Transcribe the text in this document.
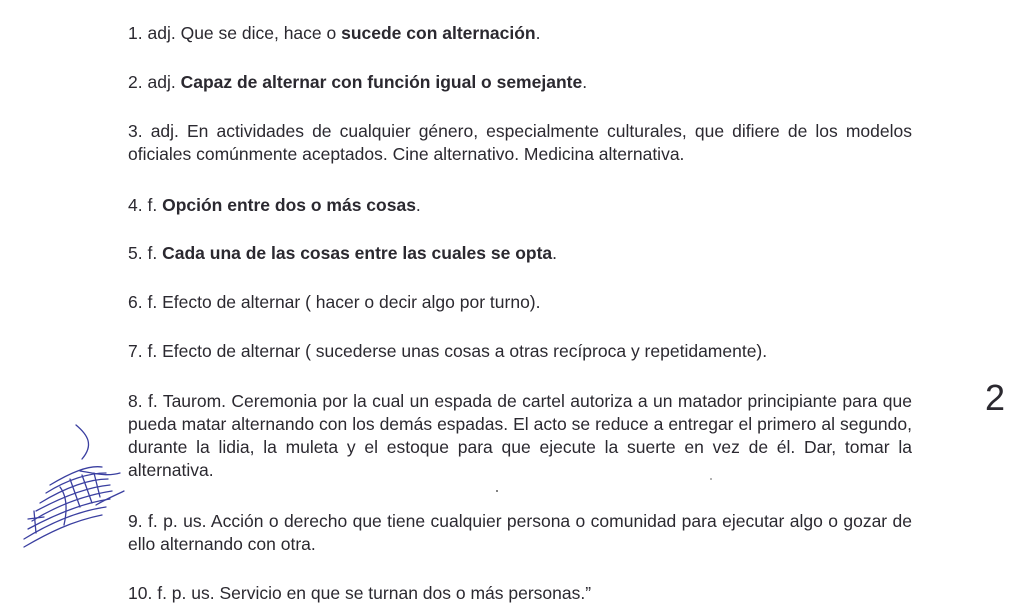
1. adj. Que se dice, hace o sucede con alternación.

2. adj. Capaz de alternar con función igual o semejante.

3. adj. En actividades de cualquier género, especialmente culturales, que difiere de los modelos oficiales comúnmente aceptados. Cine alternativo. Medicina alternativa.

4. f. Opción entre dos o más cosas.

5. f. Cada una de las cosas entre las cuales se opta.

6. f. Efecto de alternar ( hacer o decir algo por turno).

7. f. Efecto de alternar ( sucederse unas cosas a otras recíproca y repetidamente).

8. f. Taurom. Ceremonia por la cual un espada de cartel autoriza a un matador principiante para que pueda matar alternando con los demás espadas. El acto se reduce a entregar el primero al segundo, durante la lidia, la muleta y el estoque para que ejecute la suerte en vez de él. Dar, tomar la alternativa.

9. f. p. us. Acción o derecho que tiene cualquier persona o comunidad para ejecutar algo o gozar de ello alternando con otra.

10. f. p. us. Servicio en que se turnan dos o más personas.”

2
